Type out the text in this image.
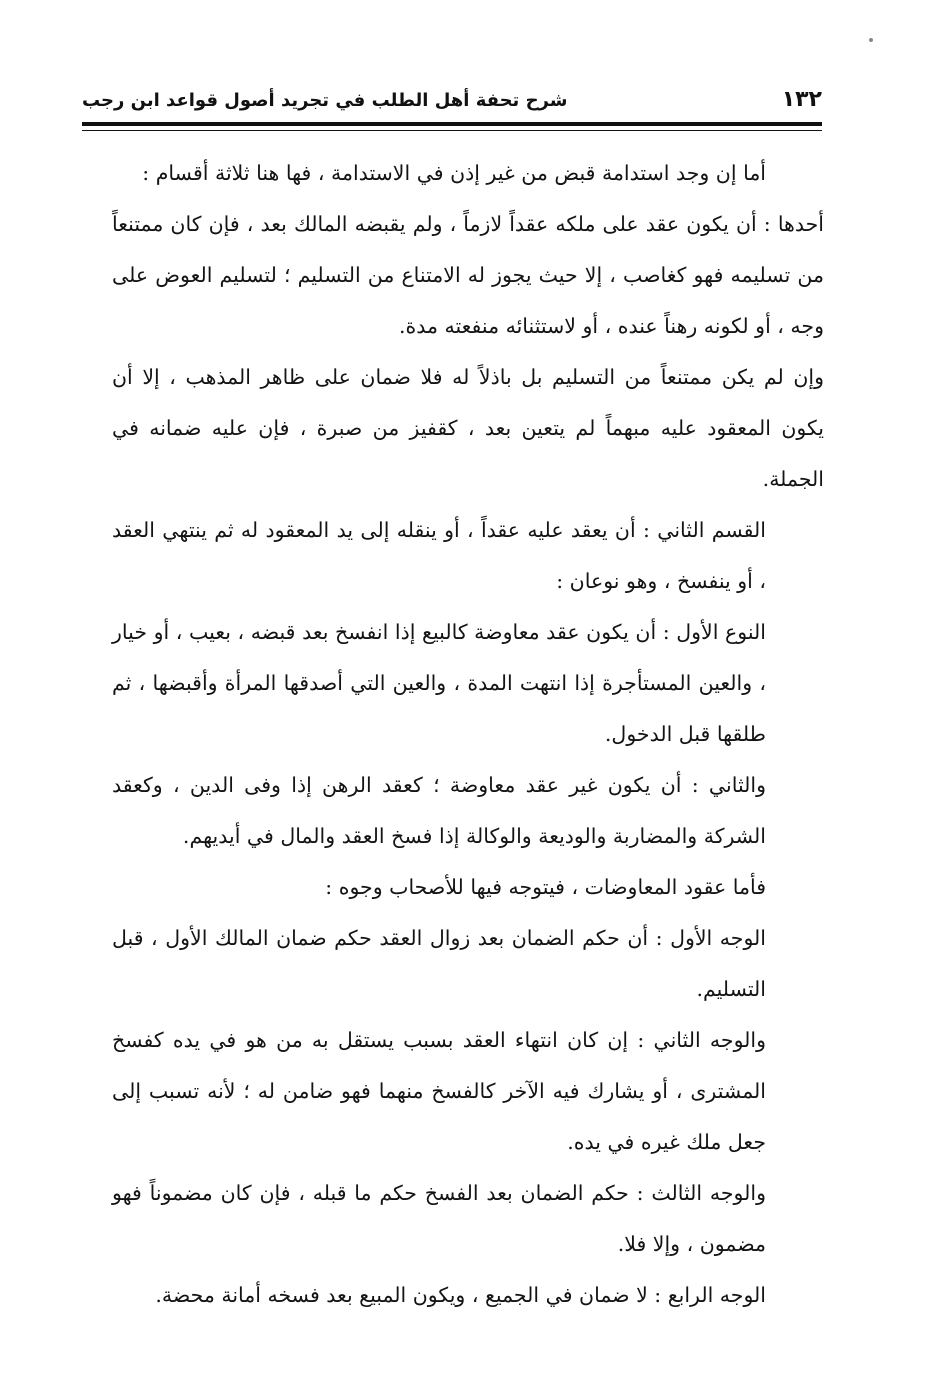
١٣٢
شرح تحفة أهل الطلب في تجريد أصول قواعد ابن رجب

أما إن وجد استدامة قبض من غير إذن في الاستدامة ، فها هنا ثلاثة أقسام :

أحدها : أن يكون عقد على ملكه عقداً لازماً ، ولم يقبضه المالك بعد ، فإن كان ممتنعاً من تسليمه فهو كغاصب ، إلا حيث يجوز له الامتناع من التسليم ؛ لتسليم العوض على وجه ، أو لكونه رهناً عنده ، أو لاستثنائه منفعته مدة.

وإن لم يكن ممتنعاً من التسليم بل باذلاً له فلا ضمان على ظاهر المذهب ، إلا أن يكون المعقود عليه مبهماً لم يتعين بعد ، كقفيز من صبرة ، فإن عليه ضمانه في الجملة.

القسم الثاني : أن يعقد عليه عقداً ، أو ينقله إلى يد المعقود له ثم ينتهي العقد ، أو ينفسخ ، وهو نوعان :

النوع الأول : أن يكون عقد معاوضة كالبيع إذا انفسخ بعد قبضه ، بعيب ، أو خيار ، والعين المستأجرة إذا انتهت المدة ، والعين التي أصدقها المرأة وأقبضها ، ثم طلقها قبل الدخول.

والثاني : أن يكون غير عقد معاوضة ؛ كعقد الرهن إذا وفى الدين ، وكعقد الشركة والمضاربة والوديعة والوكالة إذا فسخ العقد والمال في أيديهم.

فأما عقود المعاوضات ، فيتوجه فيها للأصحاب وجوه :

الوجه الأول : أن حكم الضمان بعد زوال العقد حكم ضمان المالك الأول ، قبل التسليم.

والوجه الثاني : إن كان انتهاء العقد بسبب يستقل به من هو في يده كفسخ المشترى ، أو يشارك فيه الآخر كالفسخ منهما فهو ضامن له ؛ لأنه تسبب إلى جعل ملك غيره في يده.

والوجه الثالث : حكم الضمان بعد الفسخ حكم ما قبله ، فإن كان مضموناً فهو مضمون ، وإلا فلا.

الوجه الرابع : لا ضمان في الجميع ، ويكون المبيع بعد فسخه أمانة محضة.
